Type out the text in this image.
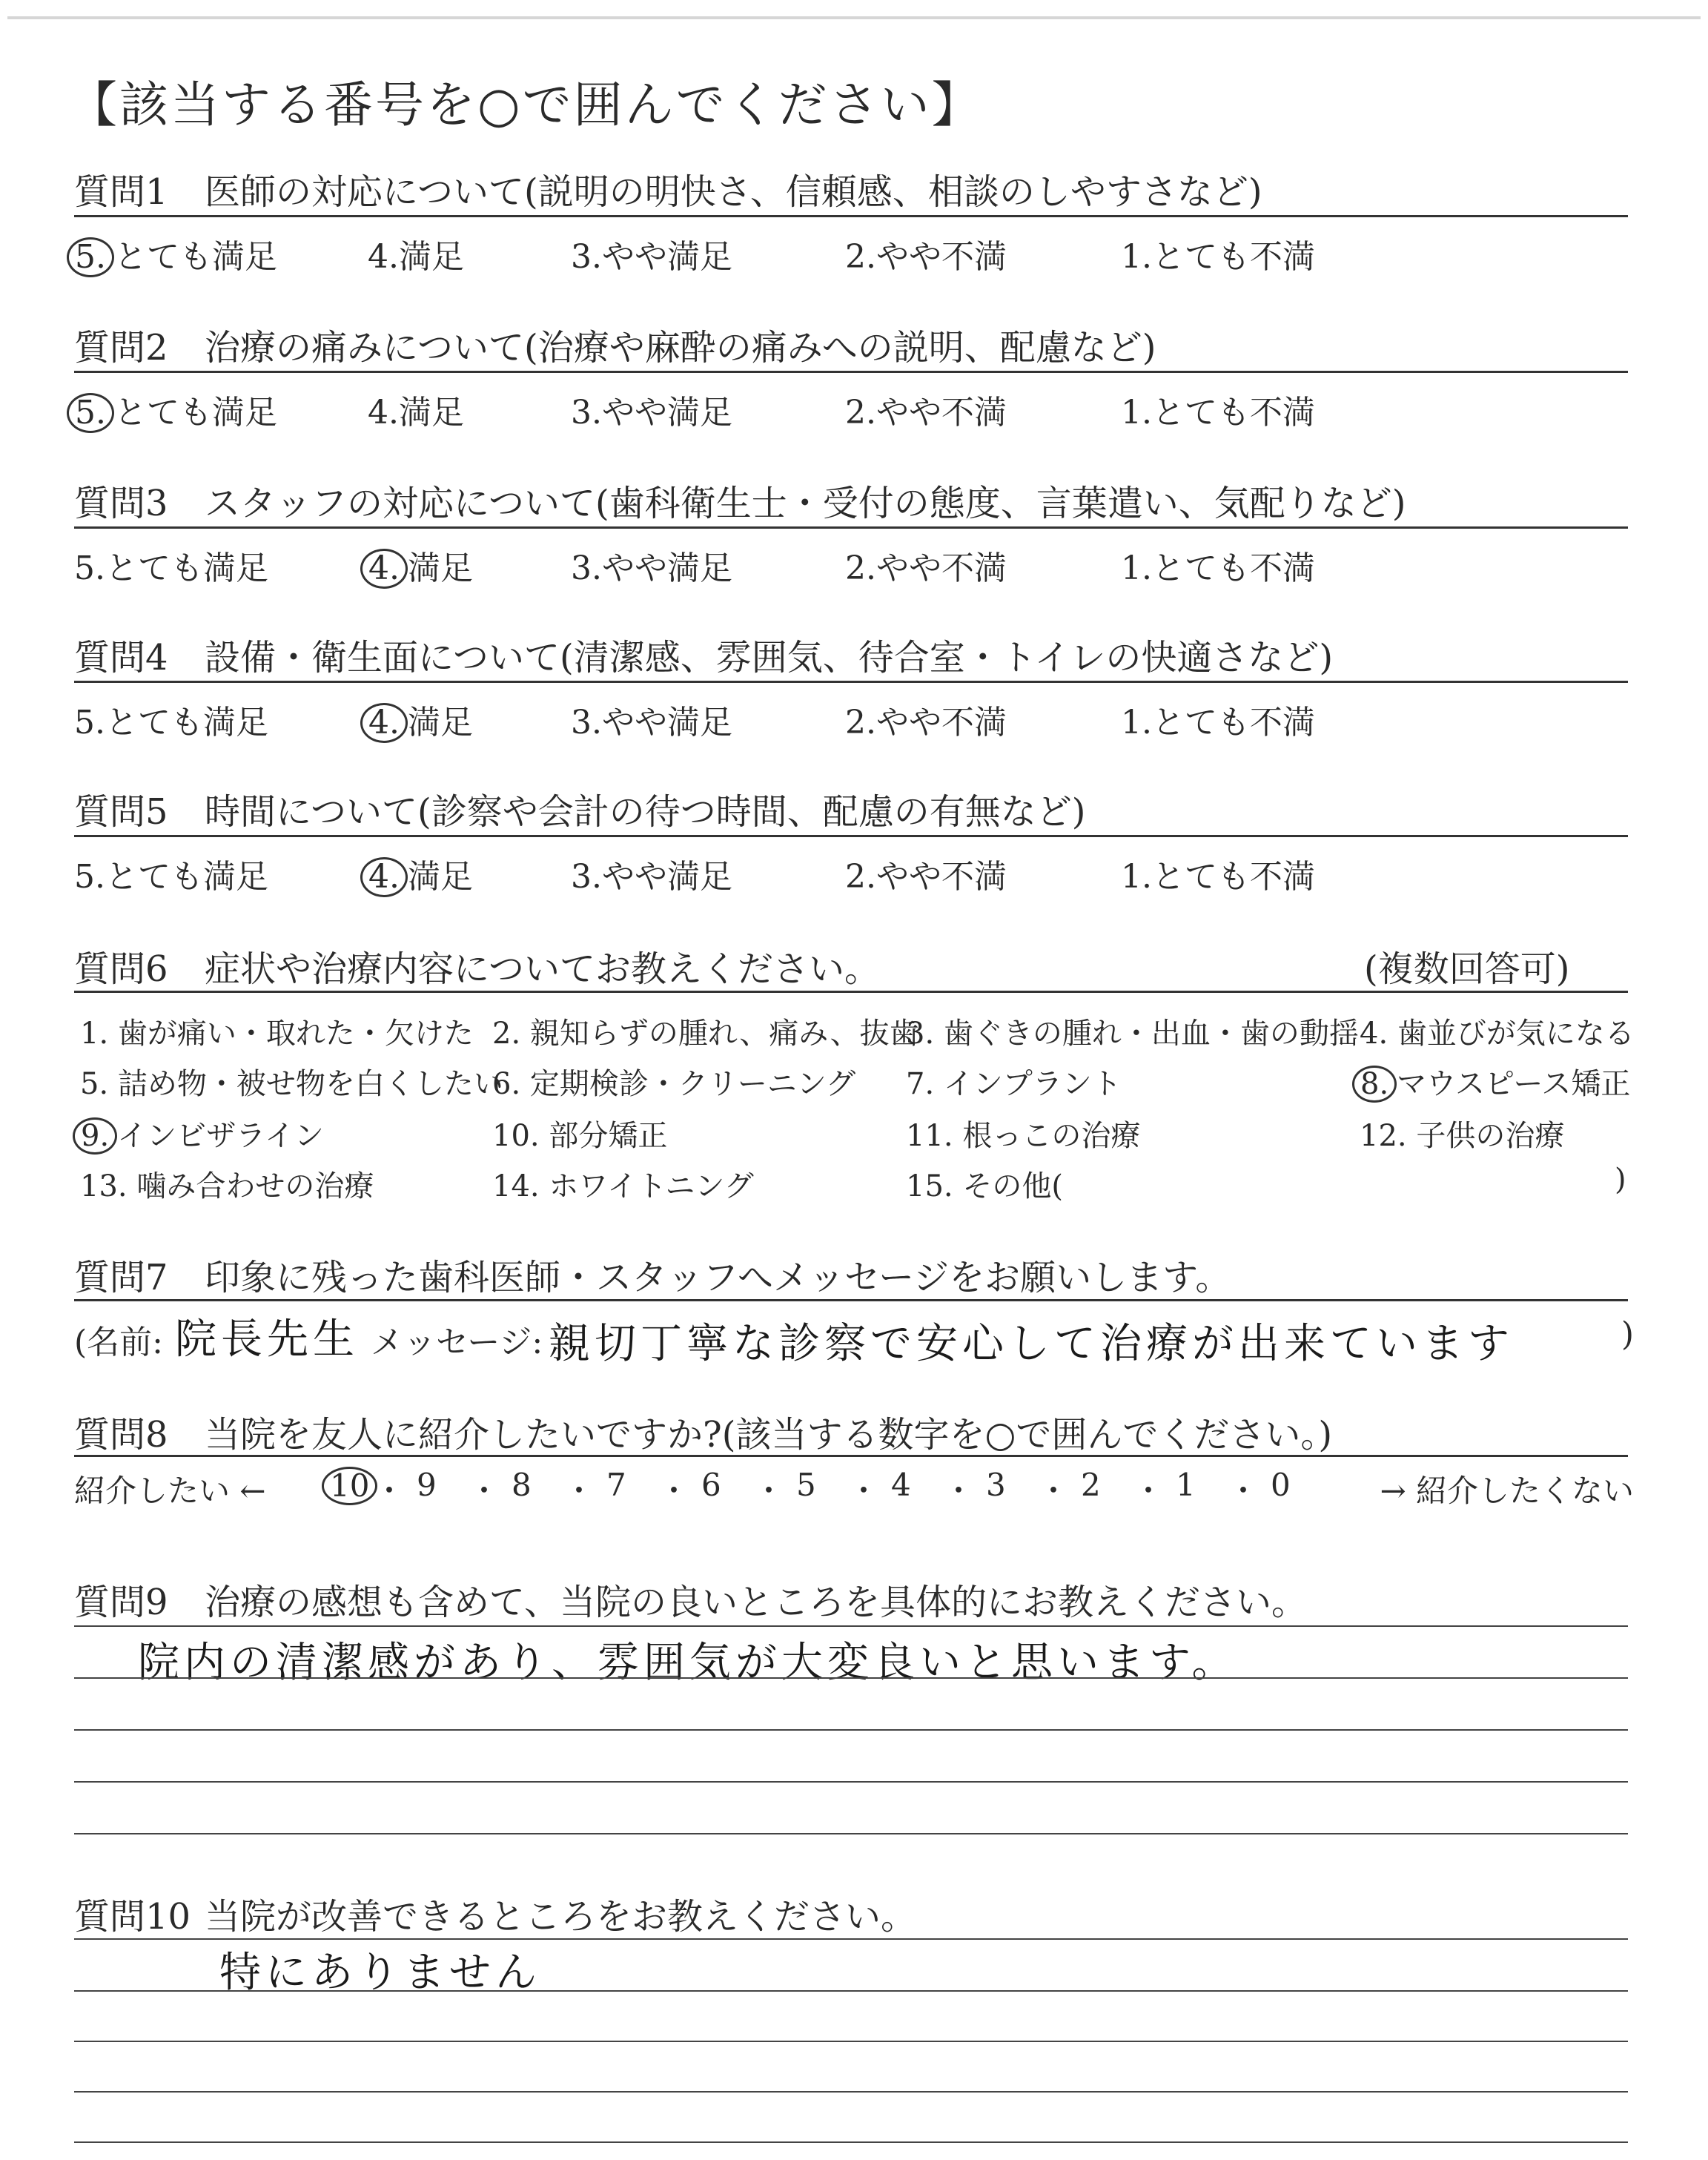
【該当する番号を○で囲んでください】
質問1 医師の対応について(説明の明快さ、信頼感、相談のしやすさなど)
5. とても満足	4.満足	3.やや満足	2.やや不満	1.とても不満
質問2 治療の痛みについて(治療や麻酔の痛みへの説明、配慮など)
5. とても満足	4.満足	3.やや満足	2.やや不満	1.とても不満
質問3 スタッフの対応について(歯科衛生士・受付の態度、言葉遣い、気配りなど)
5.とても満足	4. 満足	3.やや満足	2.やや不満	1.とても不満
質問4 設備・衛生面について(清潔感、雰囲気、待合室・トイレの快適さなど)
5.とても満足	4. 満足	3.やや満足	2.やや不満	1.とても不満
質問5 時間について(診察や会計の待つ時間、配慮の有無など)
5.とても満足	4. 満足	3.やや満足	2.やや不満	1.とても不満
質問6 症状や治療内容についてお教えください。	(複数回答可)
1. 歯が痛い・取れた・欠けた 2. 親知らずの腫れ、痛み、抜歯
3. 歯ぐきの腫れ・出血・歯の動揺 4. 歯並びが気になる
5. 詰め物・被せ物を白くしたい
6. 定期検診・クリーニング 7. インプラント	8. マウスピース矯正
9. インビザライン	10. 部分矯正	11. 根っこの治療	12. 子供の治療
13. 噛み合わせの治療	14. ホワイトニング	15. その他(	)
質問7 印象に残った歯科医師・スタッフへメッセージをお願いします。
(名前: 院長先生 メッセージ: 親切丁寧な診察で安心して治療が出来ています	)
質問8 当院を友人に紹介したいですか?(該当する数字を○で囲んでください。)
紹介したい ← 10 ・ 9 ・ 8 ・ 7 ・ 6 ・ 5 ・ 4 ・ 3 ・ 2 ・ 1 ・ 0	→ 紹介したくない
質問9 治療の感想も含めて、当院の良いところを具体的にお教えください。
院内の清潔感があり、雰囲気が大変良いと思います。
質問10 当院が改善できるところをお教えください。
特にありません
